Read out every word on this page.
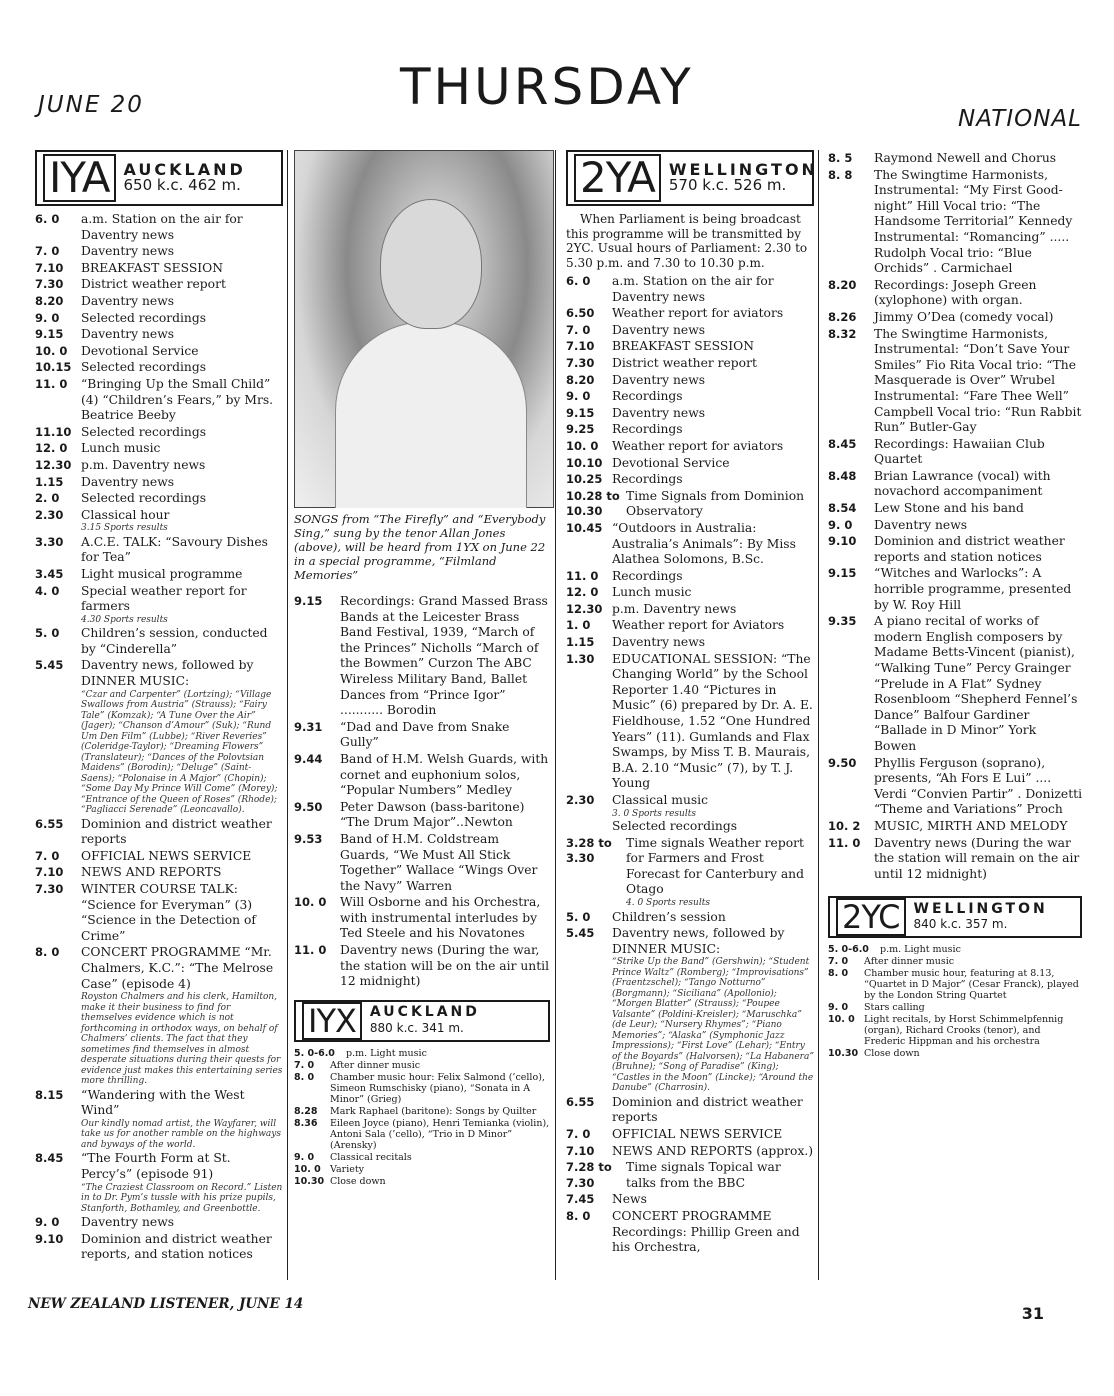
JUNE 20	THURSDAY
NATIONAL
IYA AUCKLAND
650 k.c. 462 m.
6. 0	a.m. Station on the air for Daventry news
7. 0	Daventry news
7.10	BREAKFAST SESSION
7.30	District weather report
8.20	Daventry news
9. 0	Selected recordings
9.15	Daventry news
10. 0	Devotional Service
10.15 Selected recordings
11. 0	“Bringing Up the Small Child” (4) “Children’s Fears,” by Mrs. Beatrice Beeby
11.10 Selected recordings
12. 0	Lunch music
12.30 p.m. Daventry news
1.15	Daventry news
2. 0	Selected recordings
2.30	Classical hour
3.15 Sports results
3.30	A.C.E. TALK: “Savoury Dishes for Tea”
3.45	Light musical programme
4. 0	Special weather report for farmers
4.30 Sports results
5. 0	Children’s session, conducted by “Cinderella”
5.45	Daventry news, followed by DINNER MUSIC:
“Czar and Carpenter” (Lortzing); “Village Swallows from Austria” (Strauss); “Fairy Tale” (Komzak); “A Tune Over the Air” (Jager); “Chanson d’Amour” (Suk); “Rund Um Den Film” (Lubbe); “River Reveries” (Coleridge-Taylor); “Dreaming Flowers” (Translateur); “Dances of the Polovtsian Maidens” (Borodin); “Deluge” (Saint-Saens); “Polonaise in A Major” (Chopin); “Some Day My Prince Will Come” (Morey); “Entrance of the Queen of Roses” (Rhode); “Pagliacci Serenade” (Leoncavallo).
6.55	Dominion and district weather reports
7. 0	OFFICIAL NEWS SERVICE
7.10	NEWS AND REPORTS
7.30	WINTER COURSE TALK: “Science for Everyman” (3) “Science in the Detection of Crime”
8. 0	CONCERT PROGRAMME “Mr. Chalmers, K.C.”: “The Melrose Case” (episode 4)
Royston Chalmers and his clerk, Hamilton, make it their business to find for themselves evidence which is not forthcoming in orthodox ways, on behalf of Chalmers’ clients. The fact that they sometimes find themselves in almost desperate situations during their quests for evidence just makes this entertaining series more thrilling.
8.15	“Wandering with the West Wind”
Our kindly nomad artist, the Wayfarer, will take us for another ramble on the highways and byways of the world.
8.45	“The Fourth Form at St. Percy’s” (episode 91)
“The Craziest Classroom on Record.” Listen in to Dr. Pym’s tussle with his prize pupils, Stanforth, Bothamley, and Greenbottle.
9. 0	Daventry news
9.10	Dominion and district weather reports, and station notices
SONGS from “The Firefly” and “Everybody Sing,” sung by the tenor Allan Jones (above), will be heard from 1YX on June 22 in a special programme, “Filmland Memories”
9.15	Recordings: Grand Massed Brass Bands at the Leicester Brass Band Festival, 1939, “March of the Princes” Nicholls “March of the Bowmen” Curzon The ABC Wireless Military Band, Ballet Dances from “Prince Igor” ........... Borodin
9.31	“Dad and Dave from Snake Gully”
9.44	Band of H.M. Welsh Guards, with cornet and euphonium solos, “Popular Numbers” Medley
9.50	Peter Dawson (bass-baritone) “The Drum Major”..Newton
9.53	Band of H.M. Coldstream Guards, “We Must All Stick Together” Wallace “Wings Over the Navy” Warren
10. 0	Will Osborne and his Orchestra, with instrumental interludes by Ted Steele and his Novatones
11. 0	Daventry news (During the war, the station will be on the air until 12 midnight)
IYX	AUCKLAND
880 k.c. 341 m.
5. 0-6.0	p.m. Light music
7. 0	After dinner music
8. 0	Chamber music hour: Felix Salmond (’cello), Simeon Rumschisky (piano), “Sonata in A Minor” (Grieg)
8.28	Mark Raphael (baritone): Songs by Quilter
8.36	Eileen Joyce (piano), Henri Temianka (violin), Antoni Sala (’cello), “Trio in D Minor” (Arensky)
9. 0	Classical recitals
10. 0 Variety
10.30 Close down
2YA WELLINGTON
570 k.c. 526 m.
When Parliament is being broadcast this programme will be transmitted by 2YC. Usual hours of Parliament: 2.30 to 5.30 p.m. and 7.30 to 10.30 p.m.
6. 0	a.m. Station on the air for Daventry news
6.50	Weather report for aviators
7. 0	Daventry news
7.10	BREAKFAST SESSION
7.30	District weather report
8.20	Daventry news
9. 0	Recordings
9.15	Daventry news
9.25	Recordings
10. 0	Weather report for aviators
10.10 Devotional Service
10.25 Recordings
10.28 to 10.30
Time Signals from Dominion Observatory
10.45 “Outdoors in Australia: Australia’s Animals”: By Miss Alathea Solomons, B.Sc.
11. 0	Recordings
12. 0	Lunch music
12.30 p.m. Daventry news
1. 0	Weather report for Aviators
1.15	Daventry news
1.30	EDUCATIONAL SESSION: “The Changing World” by the School Reporter 1.40 “Pictures in Music” (6) prepared by Dr. A. E. Fieldhouse, 1.52 “One Hundred Years” (11). Gumlands and Flax Swamps, by Miss T. B. Maurais, B.A. 2.10 “Music” (7), by T. J. Young
2.30	Classical music
3. 0 Sports results
Selected recordings
3.28 to 3.30
Time signals Weather report for Farmers and Frost Forecast for Canterbury and Otago
4. 0 Sports results
5. 0	Children’s session
5.45	Daventry news, followed by DINNER MUSIC:
“Strike Up the Band” (Gershwin); “Student Prince Waltz” (Romberg); “Improvisations” (Fraentzschel); “Tango Notturno” (Borgmann); “Siciliana” (Apollonio); “Morgen Blatter” (Strauss); “Poupee Valsante” (Poldini-Kreisler); “Maruschka” (de Leur); “Nursery Rhymes”; “Piano Memories”; “Alaska” (Symphonic Jazz Impressions); “First Love” (Lehar); “Entry of the Boyards” (Halvorsen); “La Habanera” (Bruhne); “Song of Paradise” (King); “Castles in the Moon” (Lincke); “Around the Danube” (Charrosin).
6.55	Dominion and district weather reports
7. 0	OFFICIAL NEWS SERVICE
7.10	NEWS AND REPORTS (approx.)
7.28 to 7.30
Time signals Topical war talks from the BBC
7.45	News
8. 0	CONCERT PROGRAMME Recordings: Phillip Green and his Orchestra,
8. 5	Raymond Newell and Chorus
8. 8	The Swingtime Harmonists, Instrumental: “My First Good-night” Hill Vocal trio: “The Handsome Territorial” Kennedy Instrumental: “Romancing” ..... Rudolph Vocal trio: “Blue Orchids” . Carmichael
8.20	Recordings: Joseph Green (xylophone) with organ.
8.26	Jimmy O’Dea (comedy vocal)
8.32	The Swingtime Harmonists, Instrumental: “Don’t Save Your Smiles” Fio Rita Vocal trio: “The Masquerade is Over” Wrubel Instrumental: “Fare Thee Well” Campbell Vocal trio: “Run Rabbit Run” Butler-Gay
8.45	Recordings: Hawaiian Club Quartet
8.48	Brian Lawrance (vocal) with novachord accompaniment
8.54	Lew Stone and his band
9. 0	Daventry news
9.10	Dominion and district weather reports and station notices
9.15	“Witches and Warlocks”: A horrible programme, presented by W. Roy Hill
9.35	A piano recital of works of modern English composers by Madame Betts-Vincent (pianist), “Walking Tune” Percy Grainger “Prelude in A Flat” Sydney Rosenbloom “Shepherd Fennel’s Dance” Balfour Gardiner “Ballade in D Minor” York Bowen
9.50	Phyllis Ferguson (soprano), presents, “Ah Fors E Lui” .... Verdi “Convien Partir” . Donizetti “Theme and Variations” Proch
10. 2	MUSIC, MIRTH AND MELODY
11. 0	Daventry news (During the war the station will remain on the air until 12 midnight)
2YC	WELLINGTON
840 k.c. 357 m.
5. 0-6.0	p.m. Light music
7. 0	After dinner music
8. 0	Chamber music hour, featuring at 8.13, “Quartet in D Major” (Cesar Franck), played by the London String Quartet
9. 0	Stars calling
10. 0 Light recitals, by Horst Schimmelpfennig (organ), Richard Crooks (tenor), and Frederic Hippman and his orchestra
10.30 Close down
NEW ZEALAND LISTENER, JUNE 14	31
